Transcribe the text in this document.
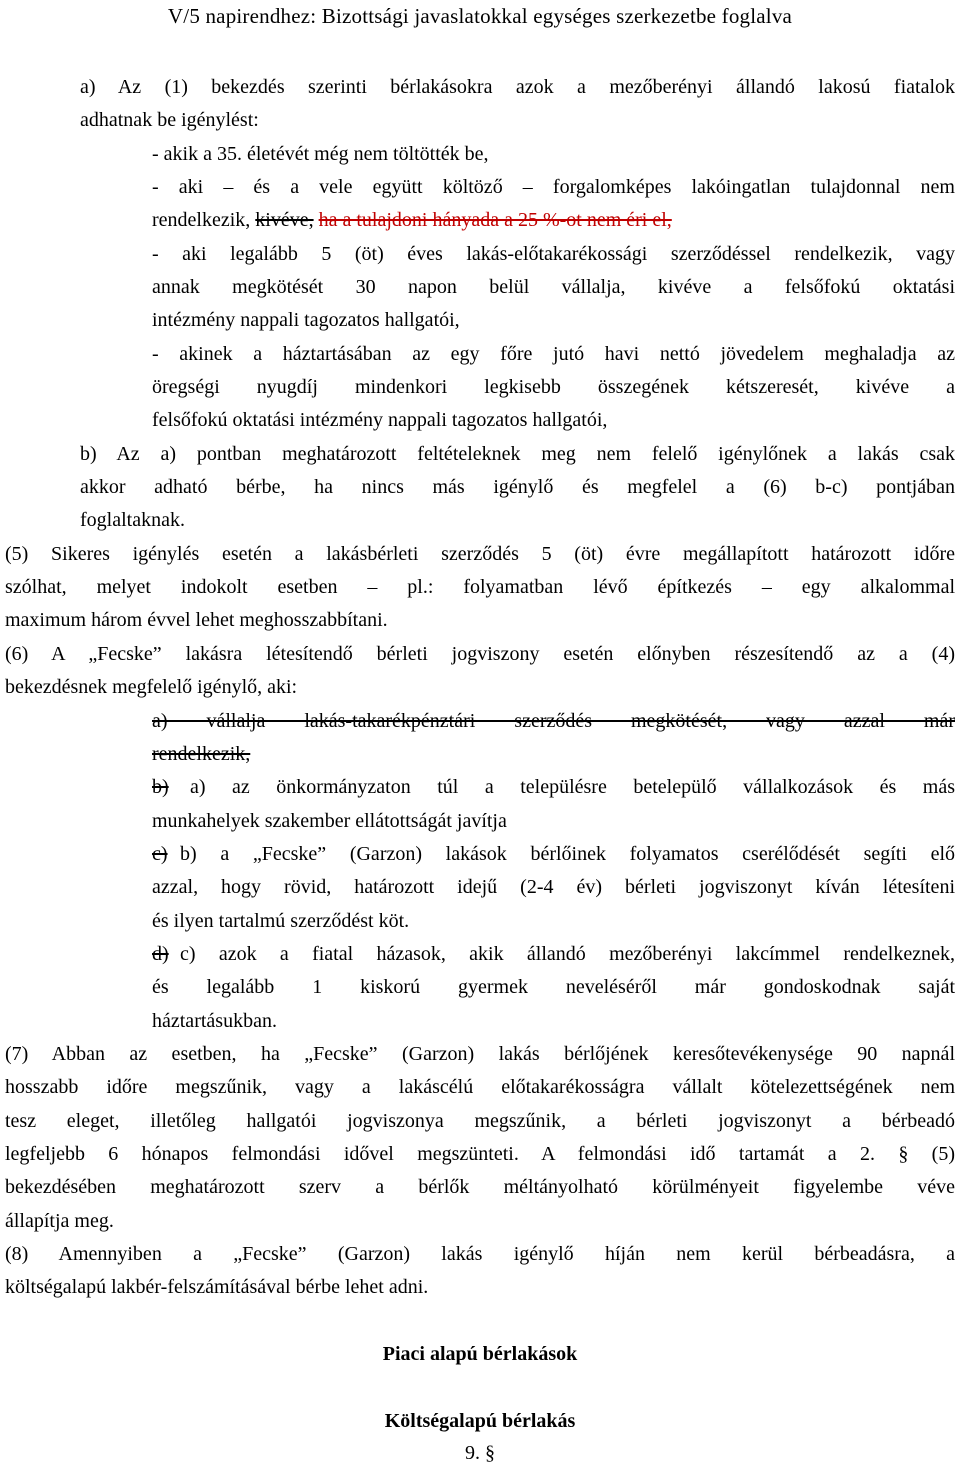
V/5 napirendhez: Bizottsági javaslatokkal egységes szerkezetbe foglalva
a) Az (1) bekezdés szerinti bérlakásokra azok a mezőberényi állandó lakosú fiatalok
adhatnak be igénylést:
- akik a 35. életévét még nem töltötték be,
- aki – és a vele együtt költöző – forgalomképes lakóingatlan tulajdonnal nem
rendelkezik, kivéve, ha a tulajdoni hányada a 25 %-ot nem éri el,
- aki legalább 5 (öt) éves lakás-előtakarékossági szerződéssel rendelkezik, vagy
annak megkötését 30 napon belül vállalja, kivéve a felsőfokú oktatási
intézmény nappali tagozatos hallgatói,
- akinek a háztartásában az egy főre jutó havi nettó jövedelem meghaladja az
öregségi nyugdíj mindenkori legkisebb összegének kétszeresét, kivéve a
felsőfokú oktatási intézmény nappali tagozatos hallgatói,
b) Az a) pontban meghatározott feltételeknek meg nem felelő igénylőnek a lakás csak
akkor adható bérbe, ha nincs más igénylő és megfelel a (6) b-c) pontjában
foglaltaknak.
(5) Sikeres igénylés esetén a lakásbérleti szerződés 5 (öt) évre megállapított határozott időre
szólhat, melyet indokolt esetben – pl.: folyamatban lévő építkezés – egy alkalommal
maximum három évvel lehet meghosszabbítani.
(6) A „Fecske” lakásra létesítendő bérleti jogviszony esetén előnyben részesítendő az a (4)
bekezdésnek megfelelő igénylő, aki:
a) vállalja lakás-takarékpénztári szerződés megkötését, vagy azzal már
rendelkezik,
b) a) az önkormányzaton túl a településre betelepülő vállalkozások és más
munkahelyek szakember ellátottságát javítja
c) b) a „Fecske” (Garzon) lakások bérlőinek folyamatos cserélődését segíti elő
azzal, hogy rövid, határozott idejű (2-4 év) bérleti jogviszonyt kíván létesíteni
és ilyen tartalmú szerződést köt.
d) c) azok a fiatal házasok, akik állandó mezőberényi lakcímmel rendelkeznek,
és legalább 1 kiskorú gyermek neveléséről már gondoskodnak saját
háztartásukban.
(7) Abban az esetben, ha „Fecske” (Garzon) lakás bérlőjének keresőtevékenysége 90 napnál
hosszabb időre megszűnik, vagy a lakáscélú előtakarékosságra vállalt kötelezettségének nem
tesz eleget, illetőleg hallgatói jogviszonya megszűnik, a bérleti jogviszonyt a bérbeadó
legfeljebb 6 hónapos felmondási idővel megszünteti. A felmondási idő tartamát a 2. § (5)
bekezdésében meghatározott szerv a bérlők méltányolható körülményeit figyelembe véve
állapítja meg.
(8) Amennyiben a „Fecske” (Garzon) lakás igénylő híján nem kerül bérbeadásra, a
költségalapú lakbér-felszámításával bérbe lehet adni.
Piaci alapú bérlakások
Költségalapú bérlakás
9. §
